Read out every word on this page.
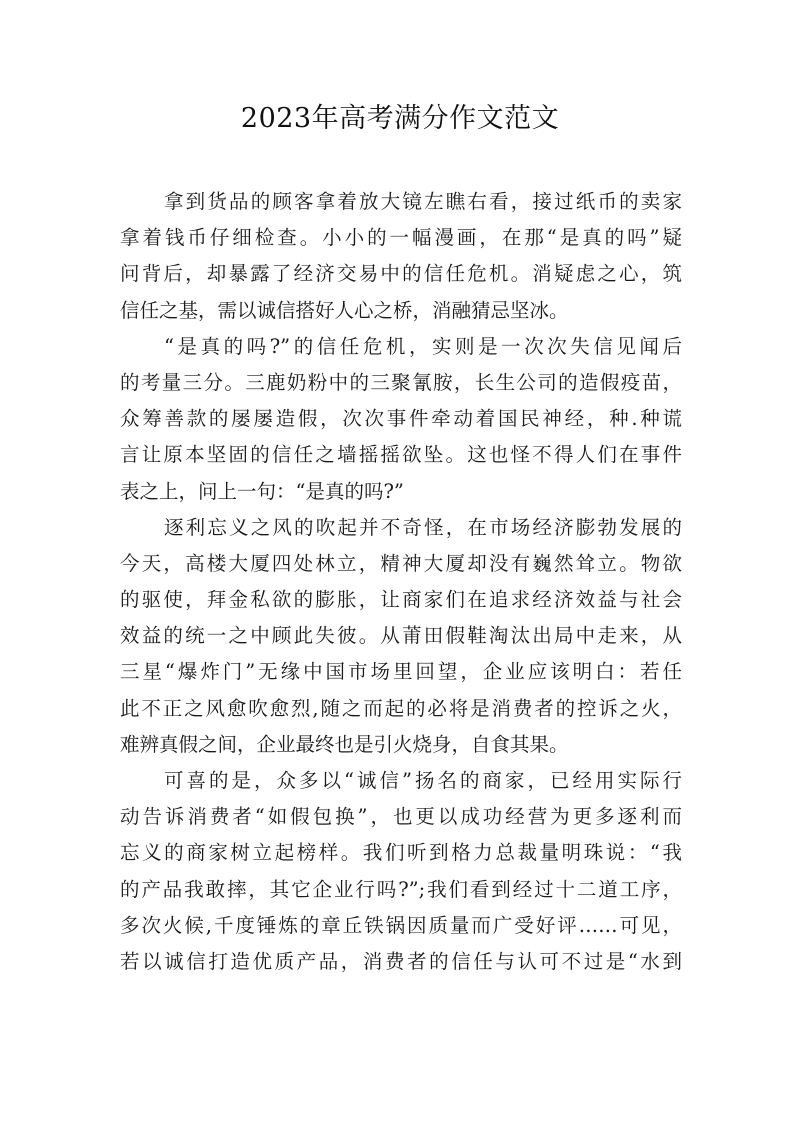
2023年高考满分作文范文
拿到货品的顾客拿着放大镜左瞧右看，接过纸币的卖家
拿着钱币仔细检查。小小的一幅漫画，在那“是真的吗”疑
问背后，却暴露了经济交易中的信任危机。消疑虑之心，筑
信任之基，需以诚信搭好人心之桥，消融猜忌坚冰。
“是真的吗?”的信任危机，实则是一次次失信见闻后
的考量三分。三鹿奶粉中的三聚氰胺，长生公司的造假疫苗，
众筹善款的屡屡造假，次次事件牵动着国民神经，种.种谎
言让原本坚固的信任之墙摇摇欲坠。这也怪不得人们在事件
表之上，问上一句：“是真的吗?”
逐利忘义之风的吹起并不奇怪，在市场经济膨勃发展的
今天，高楼大厦四处林立，精神大厦却没有巍然耸立。物欲
的驱使，拜金私欲的膨胀，让商家们在追求经济效益与社会
效益的统一之中顾此失彼。从莆田假鞋淘汰出局中走来，从
三星“爆炸门”无缘中国市场里回望，企业应该明白：若任
此不正之风愈吹愈烈,随之而起的必将是消费者的控诉之火，
难辨真假之间，企业最终也是引火烧身，自食其果。
可喜的是，众多以“诚信”扬名的商家，已经用实际行
动告诉消费者“如假包换”，也更以成功经营为更多逐利而
忘义的商家树立起榜样。我们听到格力总裁量明珠说：“我
的产品我敢摔，其它企业行吗?”;我们看到经过十二道工序，
多次火候,千度锤炼的章丘铁锅因质量而广受好评……可见，
若以诚信打造优质产品，消费者的信任与认可不过是“水到
